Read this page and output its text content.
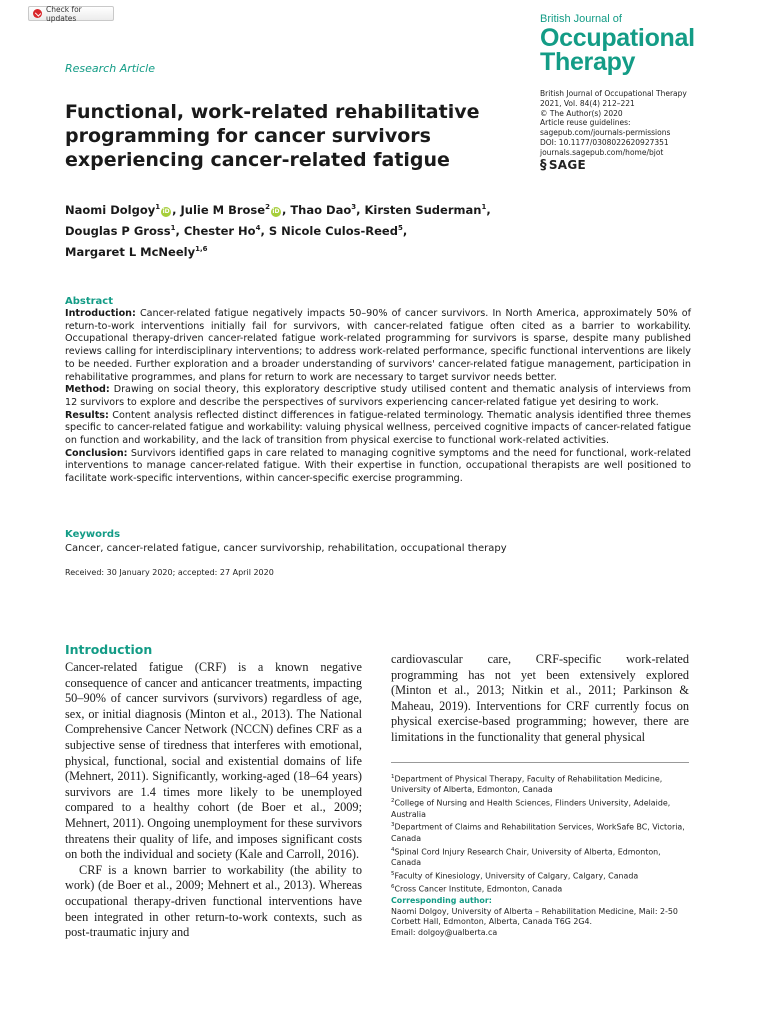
Check for updates	British Journal of
Occupational
Therapy
Research Article
Functional, work-related rehabilitative
programming for cancer survivors
experiencing cancer-related fatigue
British Journal of Occupational Therapy
2021, Vol. 84(4) 212–221
© The Author(s) 2020
Article reuse guidelines:
sagepub.com/journals-permissions
DOI: 10.1177/0308022620927351
journals.sagepub.com/home/bjot
§ SAGE
Naomi Dolgoy$^1$iD , Julie M Brose$^2$iD , Thao Dao$^3$, Kirsten Suderman$^1$,
Douglas P Gross$^1$, Chester Ho$^4$, S Nicole Culos-Reed$^5$,
Margaret L McNeely$^{1,6}$
Abstract

Introduction: Cancer-related fatigue negatively impacts 50–90% of cancer survivors. In North America, approximately 50% of return-to-work interventions initially fail for survivors, with cancer-related fatigue often cited as a barrier to workability. Occupational therapy-driven cancer-related fatigue work-related programming for survivors is sparse, despite many published reviews calling for interdisciplinary interventions; to address work-related performance, specific functional interventions are likely to be needed. Further exploration and a broader understanding of survivors' cancer-related fatigue management, participation in rehabilitative programmes, and plans for return to work are necessary to target survivor needs better.

Method: Drawing on social theory, this exploratory descriptive study utilised content and thematic analysis of interviews from 12 survivors to explore and describe the perspectives of survivors experiencing cancer-related fatigue yet desiring to work.

Results: Content analysis reflected distinct differences in fatigue-related terminology. Thematic analysis identified three themes specific to cancer-related fatigue and workability: valuing physical wellness, perceived cognitive impacts of cancer-related fatigue on function and workability, and the lack of transition from physical exercise to functional work-related activities.

Conclusion: Survivors identified gaps in care related to managing cognitive symptoms and the need for functional, work-related interventions to manage cancer-related fatigue. With their expertise in function, occupational therapists are well positioned to facilitate work-specific interventions, within cancer-specific exercise programming.

Keywords
Cancer, cancer-related fatigue, cancer survivorship, rehabilitation, occupational therapy
Received: 30 January 2020; accepted: 27 April 2020
Introduction

Cancer-related fatigue (CRF) is a known negative consequence of cancer and anticancer treatments, impacting 50–90% of cancer survivors (survivors) regardless of age, sex, or initial diagnosis (Minton et al., 2013). The National Comprehensive Cancer Network (NCCN) defines CRF as a subjective sense of tiredness that interferes with emotional, physical, functional, social and existential domains of life (Mehnert, 2011). Significantly, working-aged (18–64 years) survivors are 1.4 times more likely to be unemployed compared to a healthy cohort (de Boer et al., 2009; Mehnert, 2011). Ongoing unemployment for these survivors threatens their quality of life, and imposes significant costs on both the individual and society (Kale and Carroll, 2016).

CRF is a known barrier to workability (the ability to work) (de Boer et al., 2009; Mehnert et al., 2013). Whereas occupational therapy-driven functional interventions have been integrated in other return-to-work contexts, such as post-traumatic injury and

cardiovascular care, CRF-specific work-related programming has not yet been extensively explored (Minton et al., 2013; Nitkin et al., 2011; Parkinson & Maheau, 2019). Interventions for CRF currently focus on physical exercise-based programming; however, there are limitations in the functionality that general physical

$^1$Department of Physical Therapy, Faculty of Rehabilitation Medicine, University of Alberta, Edmonton, Canada
$^2$College of Nursing and Health Sciences, Flinders University, Adelaide, Australia
$^3$Department of Claims and Rehabilitation Services, WorkSafe BC, Victoria, Canada
$^4$Spinal Cord Injury Research Chair, University of Alberta, Edmonton, Canada
$^5$Faculty of Kinesiology, University of Calgary, Calgary, Canada
$^6$Cross Cancer Institute, Edmonton, Canada
Corresponding author:
Naomi Dolgoy, University of Alberta – Rehabilitation Medicine, Mail: 2-50
Corbett Hall, Edmonton, Alberta, Canada T6G 2G4.
Email: dolgoy@ualberta.ca
